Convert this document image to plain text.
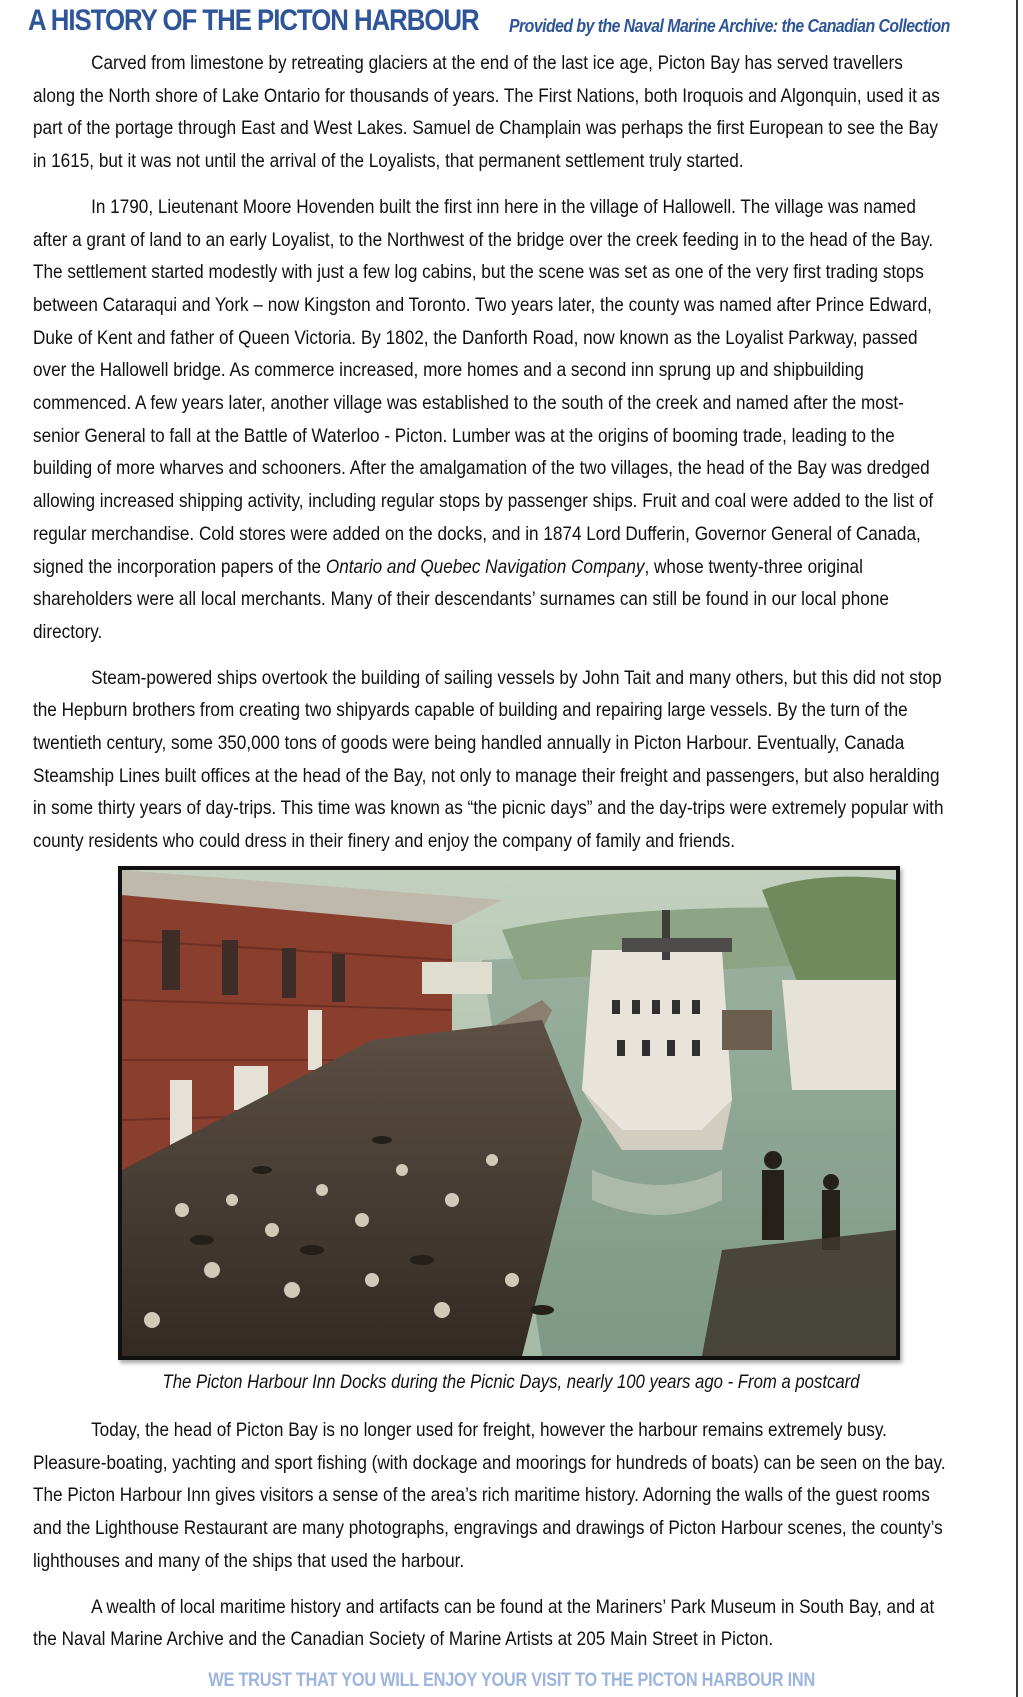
A HISTORY OF THE PICTON HARBOUR Provided by the Naval Marine Archive: the Canadian Collection

Carved from limestone by retreating glaciers at the end of the last ice age, Picton Bay has served travellers along the North shore of Lake Ontario for thousands of years. The First Nations, both Iroquois and Algonquin, used it as part of the portage through East and West Lakes. Samuel de Champlain was perhaps the first European to see the Bay in 1615, but it was not until the arrival of the Loyalists, that permanent settlement truly started.

In 1790, Lieutenant Moore Hovenden built the first inn here in the village of Hallowell. The village was named after a grant of land to an early Loyalist, to the Northwest of the bridge over the creek feeding in to the head of the Bay. The settlement started modestly with just a few log cabins, but the scene was set as one of the very first trading stops between Cataraqui and York – now Kingston and Toronto. Two years later, the county was named after Prince Edward, Duke of Kent and father of Queen Victoria. By 1802, the Danforth Road, now known as the Loyalist Parkway, passed over the Hallowell bridge. As commerce increased, more homes and a second inn sprung up and shipbuilding commenced. A few years later, another village was established to the south of the creek and named after the most-senior General to fall at the Battle of Waterloo - Picton. Lumber was at the origins of booming trade, leading to the building of more wharves and schooners. After the amalgamation of the two villages, the head of the Bay was dredged allowing increased shipping activity, including regular stops by passenger ships. Fruit and coal were added to the list of regular merchandise. Cold stores were added on the docks, and in 1874 Lord Dufferin, Governor General of Canada, signed the incorporation papers of the Ontario and Quebec Navigation Company, whose twenty-three original shareholders were all local merchants. Many of their descendants’ surnames can still be found in our local phone directory.

Steam-powered ships overtook the building of sailing vessels by John Tait and many others, but this did not stop the Hepburn brothers from creating two shipyards capable of building and repairing large vessels. By the turn of the twentieth century, some 350,000 tons of goods were being handled annually in Picton Harbour. Eventually, Canada Steamship Lines built offices at the head of the Bay, not only to manage their freight and passengers, but also heralding in some thirty years of day-trips. This time was known as “the picnic days” and the day-trips were extremely popular with county residents who could dress in their finery and enjoy the company of family and friends.

The Picton Harbour Inn Docks during the Picnic Days, nearly 100 years ago - From a postcard

Today, the head of Picton Bay is no longer used for freight, however the harbour remains extremely busy. Pleasure-boating, yachting and sport fishing (with dockage and moorings for hundreds of boats) can be seen on the bay. The Picton Harbour Inn gives visitors a sense of the area’s rich maritime history. Adorning the walls of the guest rooms and the Lighthouse Restaurant are many photographs, engravings and drawings of Picton Harbour scenes, the county’s lighthouses and many of the ships that used the harbour.

A wealth of local maritime history and artifacts can be found at the Mariners’ Park Museum in South Bay, and at the Naval Marine Archive and the Canadian Society of Marine Artists at 205 Main Street in Picton.

WE TRUST THAT YOU WILL ENJOY YOUR VISIT TO THE PICTON HARBOUR INN
